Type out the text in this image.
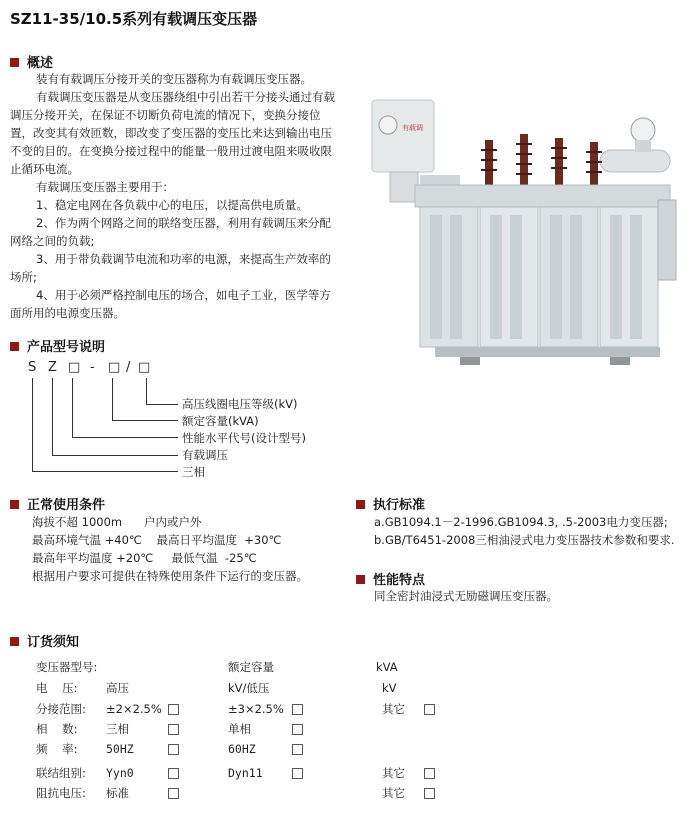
SZ11-35/10.5系列有载调压变压器
概述
装有有载调压分接开关的变压器称为有载调压变压器。
有载调压变压器是从变压器绕组中引出若干分接头通过有载
调压分接开关，在保证不切断负荷电流的情况下，变换分接位
置，改变其有效匝数，即改变了变压器的变压比来达到输出电压
不变的目的。在变换分接过程中的能量一般用过渡电阻来吸收限
止循环电流。
有载调压变压器主要用于：
1、稳定电网在各负载中心的电压，以提高供电质量。
2、作为两个网路之间的联络变压器，利用有载调压来分配
网络之间的负载;
3、用于带负载调节电流和功率的电源，来提高生产效率的
场所;
4、用于必须严格控制电压的场合，如电子工业，医学等方
面所用的电源变压器。
有载调
产品型号说明
S Z □ - □ / □
高压线圈电压等级(kV)
额定容量(kVA)
性能水平代号(设计型号)
有载调压
三相
正常使用条件
海拔不超 1000m      户内或户外
最高环境气温 +40℃    最高日平均温度  +30℃
最高年平均温度 +20℃     最低气温  -25℃
根据用户要求可提供在特殊使用条件下运行的变压器。
执行标准
a.GB1094.1－2-1996.GB1094.3, .5-2003电力变压器;
b.GB/T6451-2008三相油浸式电力变压器技术参数和要求.
性能特点
同全密封油浸式无励磁调压变压器。
订货须知
变压器型号:	额定容量	kVA
电    压: 高压	kV/低压	kV
分接范围: ±2×2.5%	±3×2.5%	其它
相    数: 三相	单相
频    率: 50HZ	60HZ
联结组别: Yyn0	Dyn11	其它
阻抗电压: 标准	其它
